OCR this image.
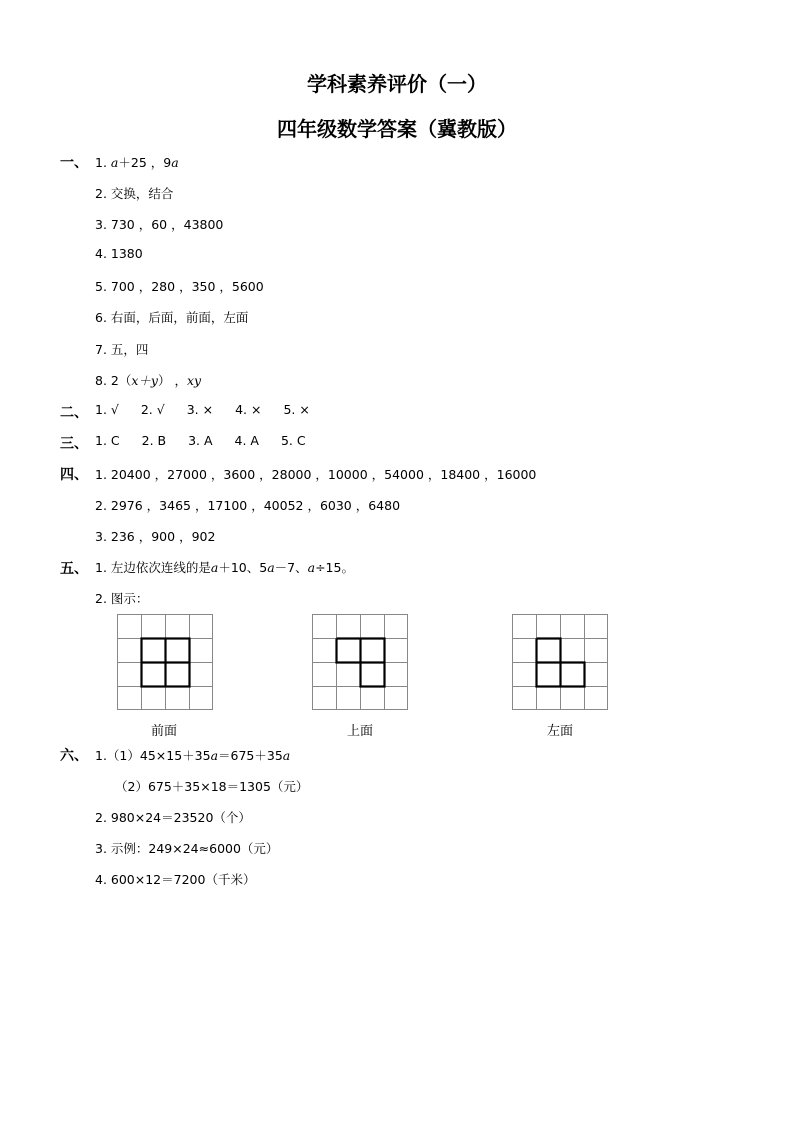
学科素养评价（一）
四年级数学答案（冀教版）
一、 1. a＋25 ，9a
2. 交换，结合
3. 730 ，60 ，43800
4. 1380
5. 700 ，280 ，350 ，5600
6. 右面，后面，前面，左面
7. 五，四
8. 2（x＋y） ，xy
二、 1. √ 2. √ 3. × 4. × 5. ×
三、 1. C 2. B 3. A 4. A 5. C
四、 1. 20400 ，27000 ，3600 ，28000 ，10000 ，54000 ，18400 ，16000
2. 2976 ，3465 ，17100 ，40052 ，6030 ，6480
3. 236 ，900 ，902
五、 1. 左边依次连线的是a＋10、5a－7、a÷15。
2. 图示：
前面	上面	左面
六、 1.（1）45×15＋35a＝675＋35a
（2）675＋35×18＝1305（元）
2. 980×24＝23520（个）
3. 示例：249×24≈6000（元）
4. 600×12＝7200（千米）
